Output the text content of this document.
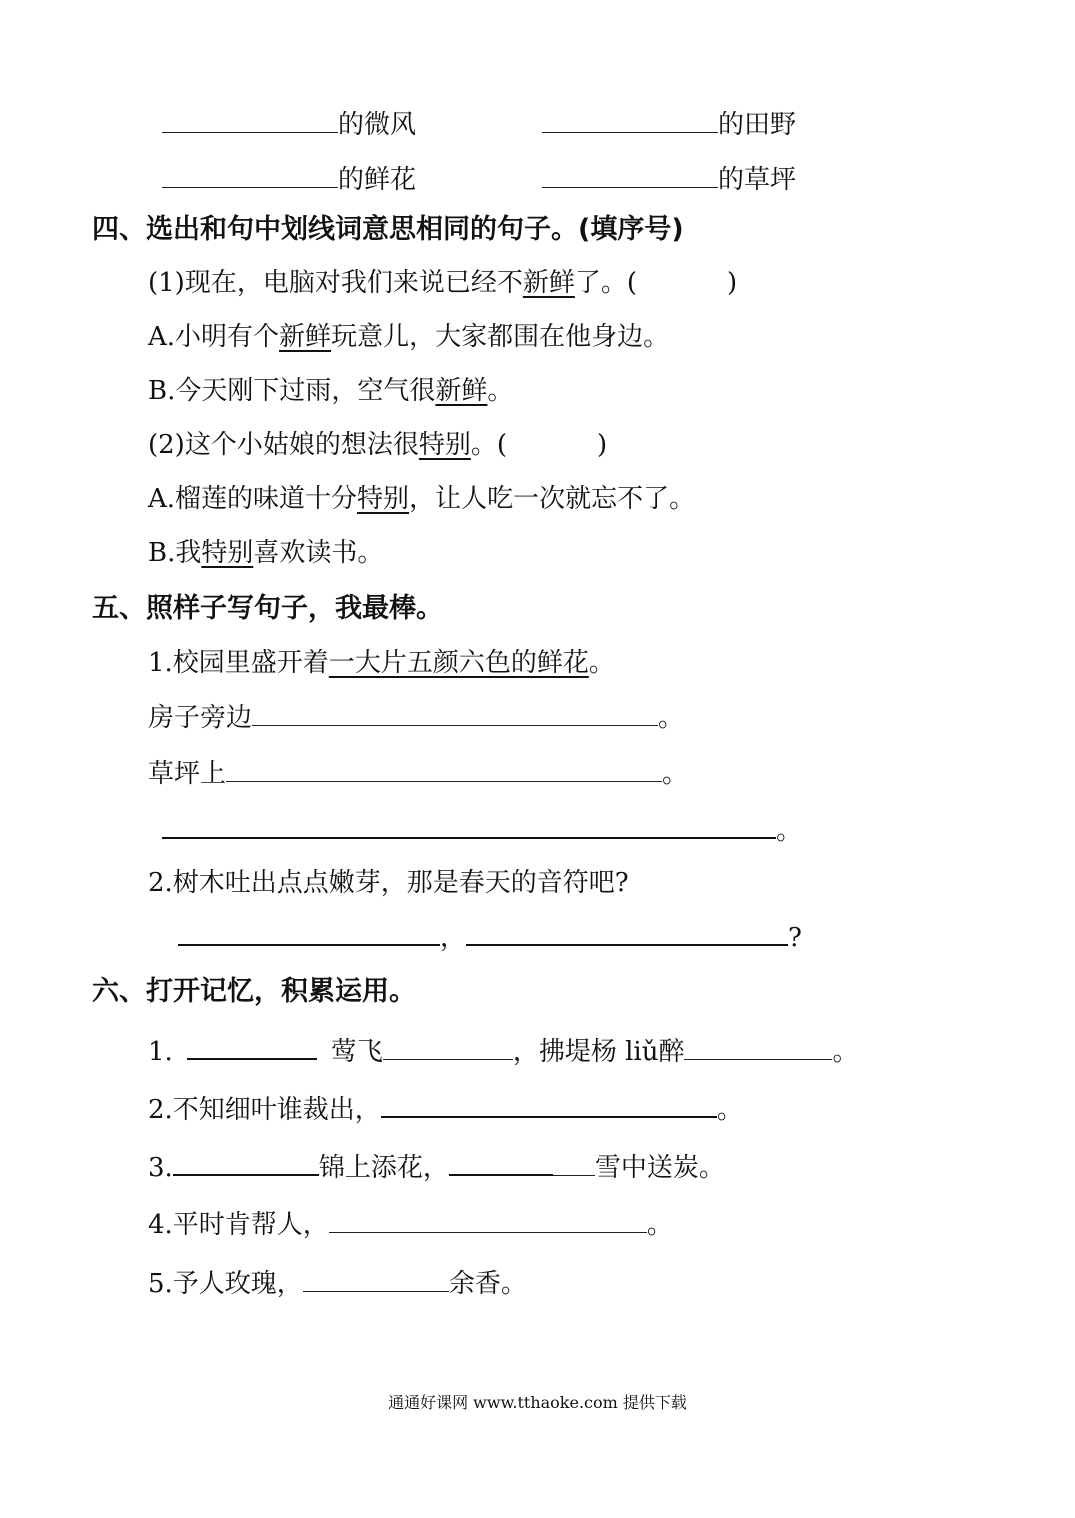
的微风	的田野
的鲜花	的草坪
四、选出和句中划线词意思相同的句子。(填序号)
(1)现在，电脑对我们来说已经不新鲜了。(	)
A.小明有个新鲜玩意儿，大家都围在他身边。
B.今天刚下过雨，空气很新鲜。
(2)这个小姑娘的想法很特别。(	)
A.榴莲的味道十分特别，让人吃一次就忘不了。
B.我特别喜欢读书。
五、照样子写句子，我最棒。
1.校园里盛开着一大片五颜六色的鲜花。
房子旁边	。
草坪上	。
。
2.树木吐出点点嫩芽，那是春天的音符吧?
，	?
六、打开记忆，积累运用。
1.	莺飞	，拂堤杨 liǔ醉	。
2.不知细叶谁裁出，	。
3.	锦上添花，	雪中送炭。
4.平时肯帮人，	。
5.予人玫瑰，	余香。
通通好课网 www.tthaoke.com 提供下载
